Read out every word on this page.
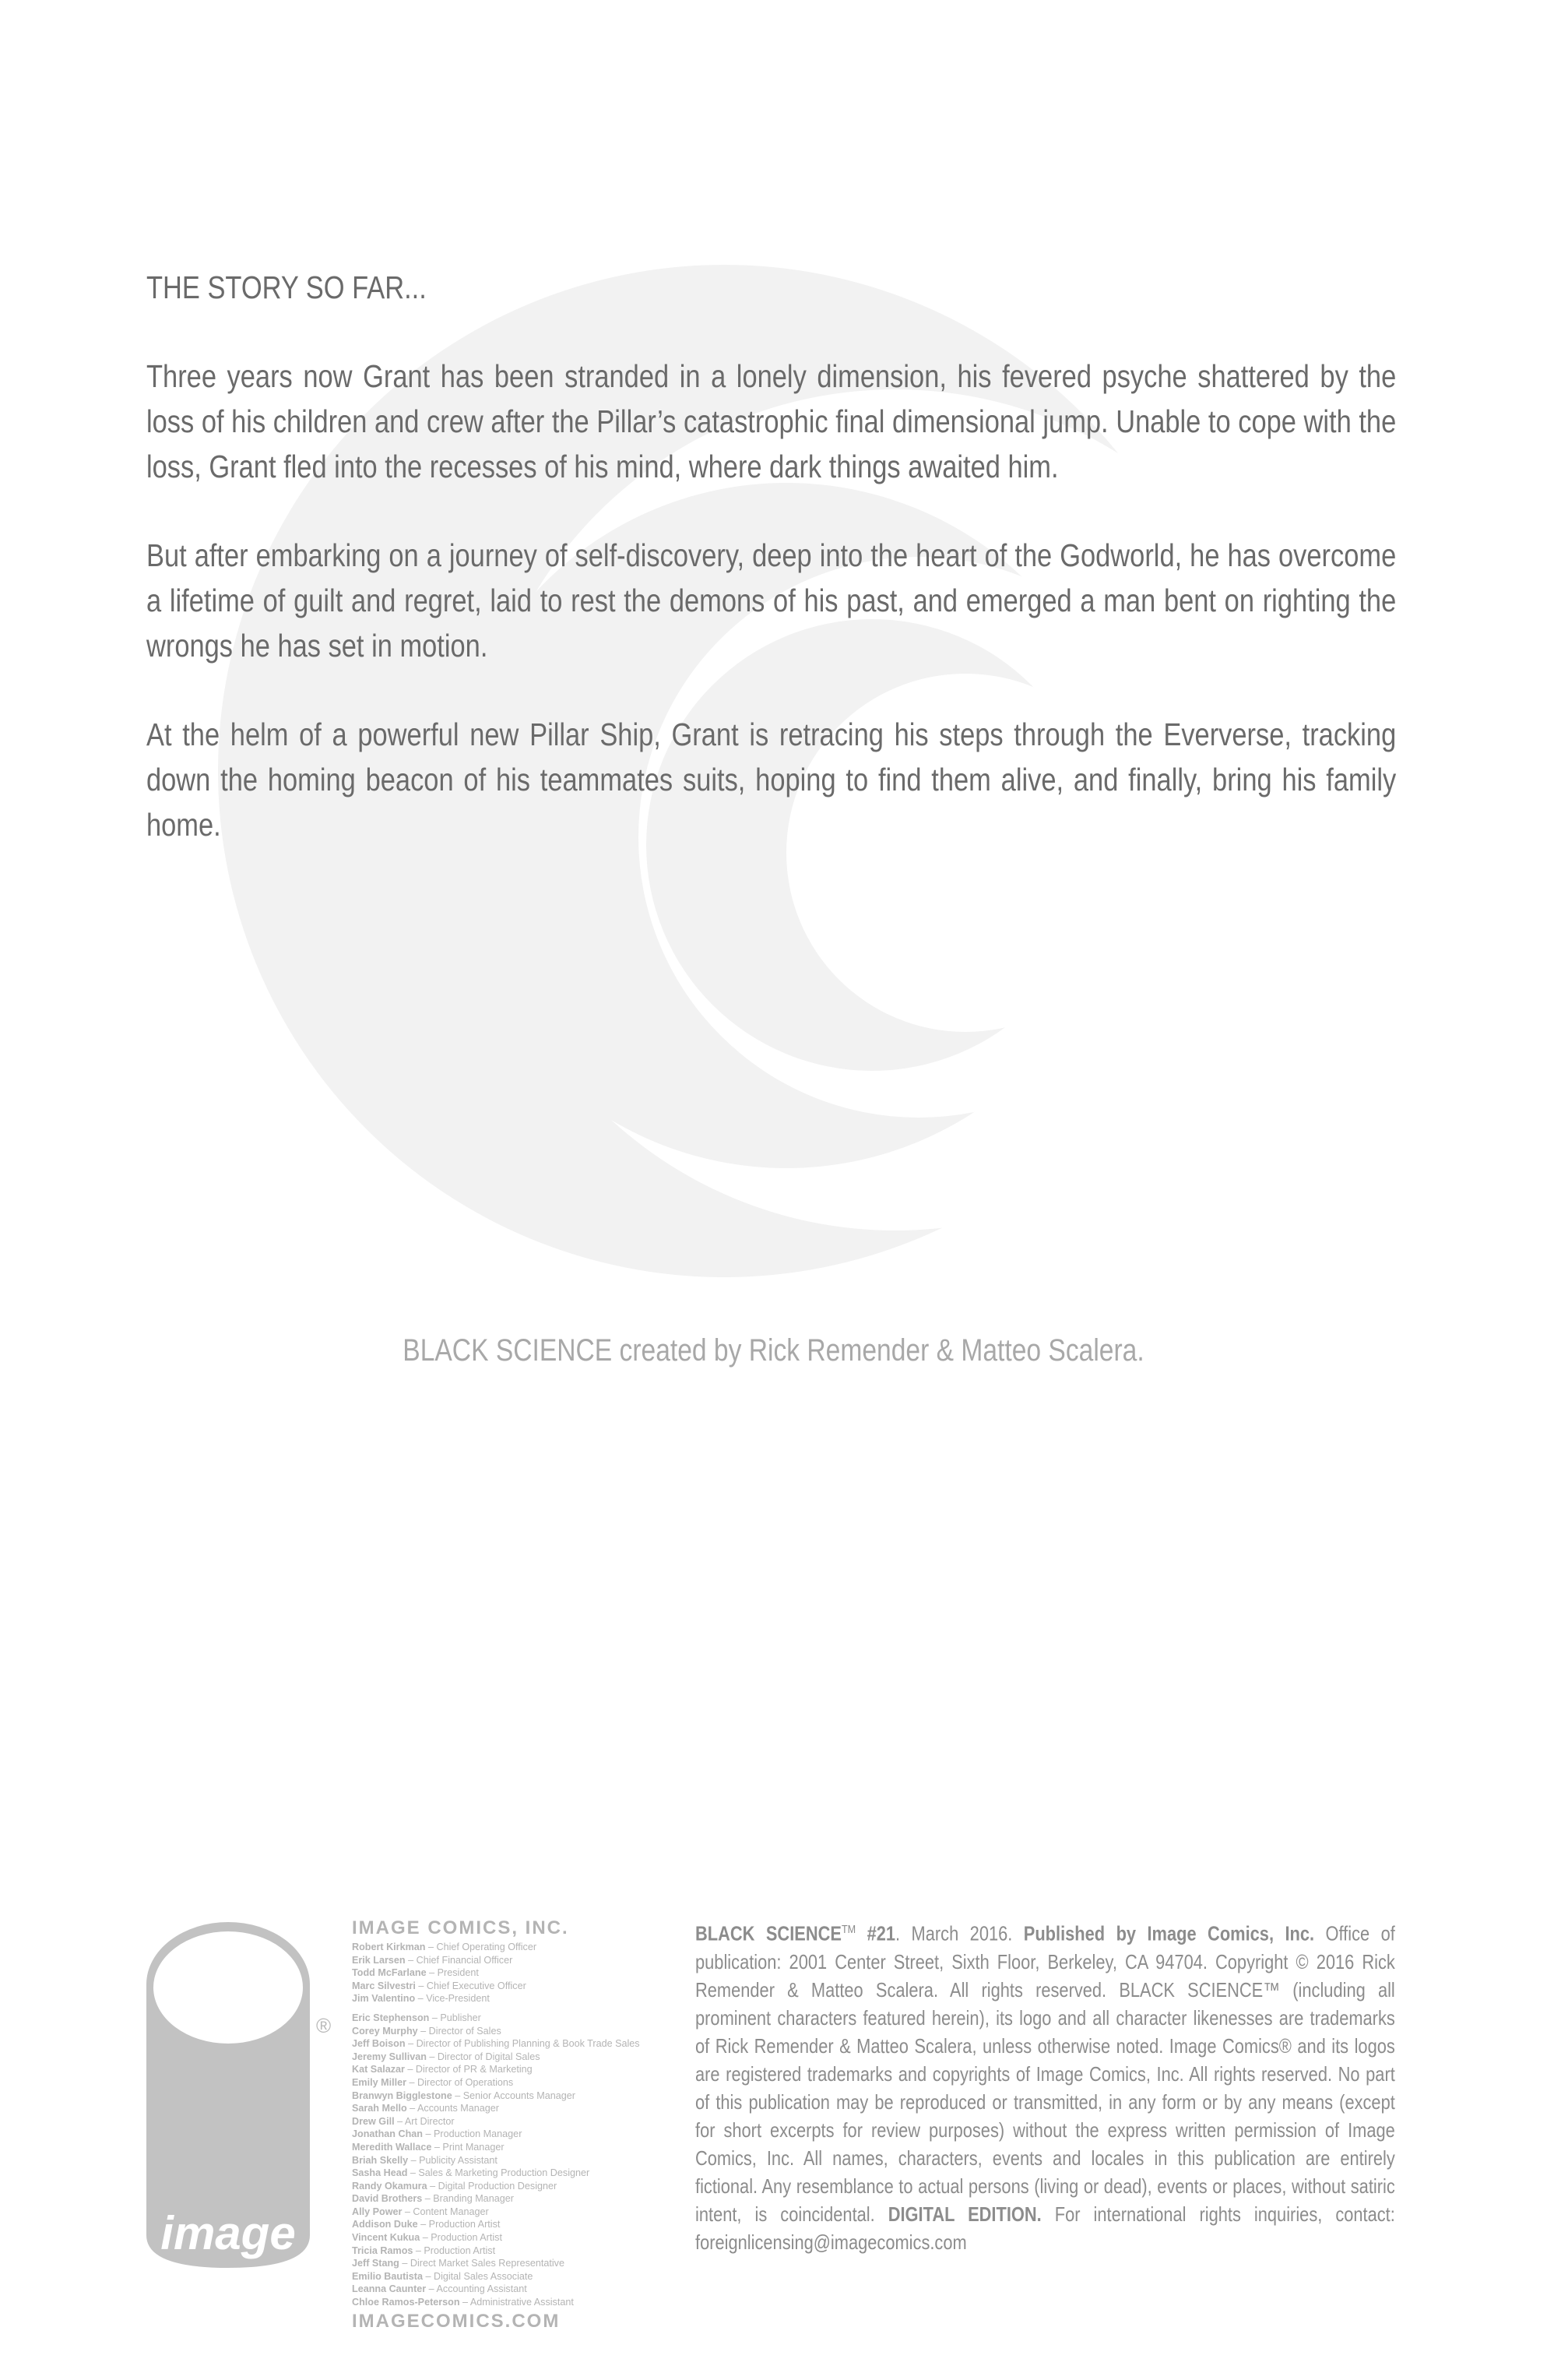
THE STORY SO FAR...

Three years now Grant has been stranded in a lonely dimension, his fevered psyche shattered by the loss of his children and crew after the Pillar’s catastrophic final dimensional jump. Unable to cope with the loss, Grant fled into the recesses of his mind, where dark things awaited him.

But after embarking on a journey of self-discovery, deep into the heart of the Godworld, he has overcome a lifetime of guilt and regret, laid to rest the demons of his past, and emerged a man bent on righting the wrongs he has set in motion.

At the helm of a powerful new Pillar Ship, Grant is retracing his steps through the Eververse, tracking down the homing beacon of his teammates suits, hoping to find them alive, and finally, bring his family home.

BLACK SCIENCE created by Rick Remender & Matteo Scalera.
image
®
IMAGE COMICS, INC.
Robert Kirkman – Chief Operating Officer
Erik Larsen – Chief Financial Officer
Todd McFarlane – President
Marc Silvestri – Chief Executive Officer
Jim Valentino – Vice-President
Eric Stephenson – Publisher
Corey Murphy – Director of Sales
Jeff Boison – Director of Publishing Planning & Book Trade Sales
Jeremy Sullivan – Director of Digital Sales
Kat Salazar – Director of PR & Marketing
Emily Miller – Director of Operations
Branwyn Bigglestone – Senior Accounts Manager
Sarah Mello – Accounts Manager
Drew Gill – Art Director
Jonathan Chan – Production Manager
Meredith Wallace – Print Manager
Briah Skelly – Publicity Assistant
Sasha Head – Sales & Marketing Production Designer
Randy Okamura – Digital Production Designer
David Brothers – Branding Manager
Ally Power – Content Manager
Addison Duke – Production Artist
Vincent Kukua – Production Artist
Tricia Ramos – Production Artist
Jeff Stang – Direct Market Sales Representative
Emilio Bautista – Digital Sales Associate
Leanna Caunter – Accounting Assistant
Chloe Ramos-Peterson – Administrative Assistant
IMAGECOMICS.COM
BLACK SCIENCE™ #21. March 2016. Published by Image Comics, Inc. Office of publication: 2001 Center Street, Sixth Floor, Berkeley, CA 94704. Copyright © 2016 Rick Remender & Matteo Scalera. All rights reserved. BLACK SCIENCE™ (including all prominent characters featured herein), its logo and all character likenesses are trademarks of Rick Remender & Matteo Scalera, unless otherwise noted. Image Comics® and its logos are registered trademarks and copyrights of Image Comics, Inc. All rights reserved. No part of this publication may be reproduced or transmitted, in any form or by any means (except for short excerpts for review purposes) without the express written permission of Image Comics, Inc. All names, characters, events and locales in this publication are entirely fictional. Any resemblance to actual persons (living or dead), events or places, without satiric intent, is coincidental. DIGITAL EDITION. For international rights inquiries, contact: foreignlicensing@imagecomics.com
